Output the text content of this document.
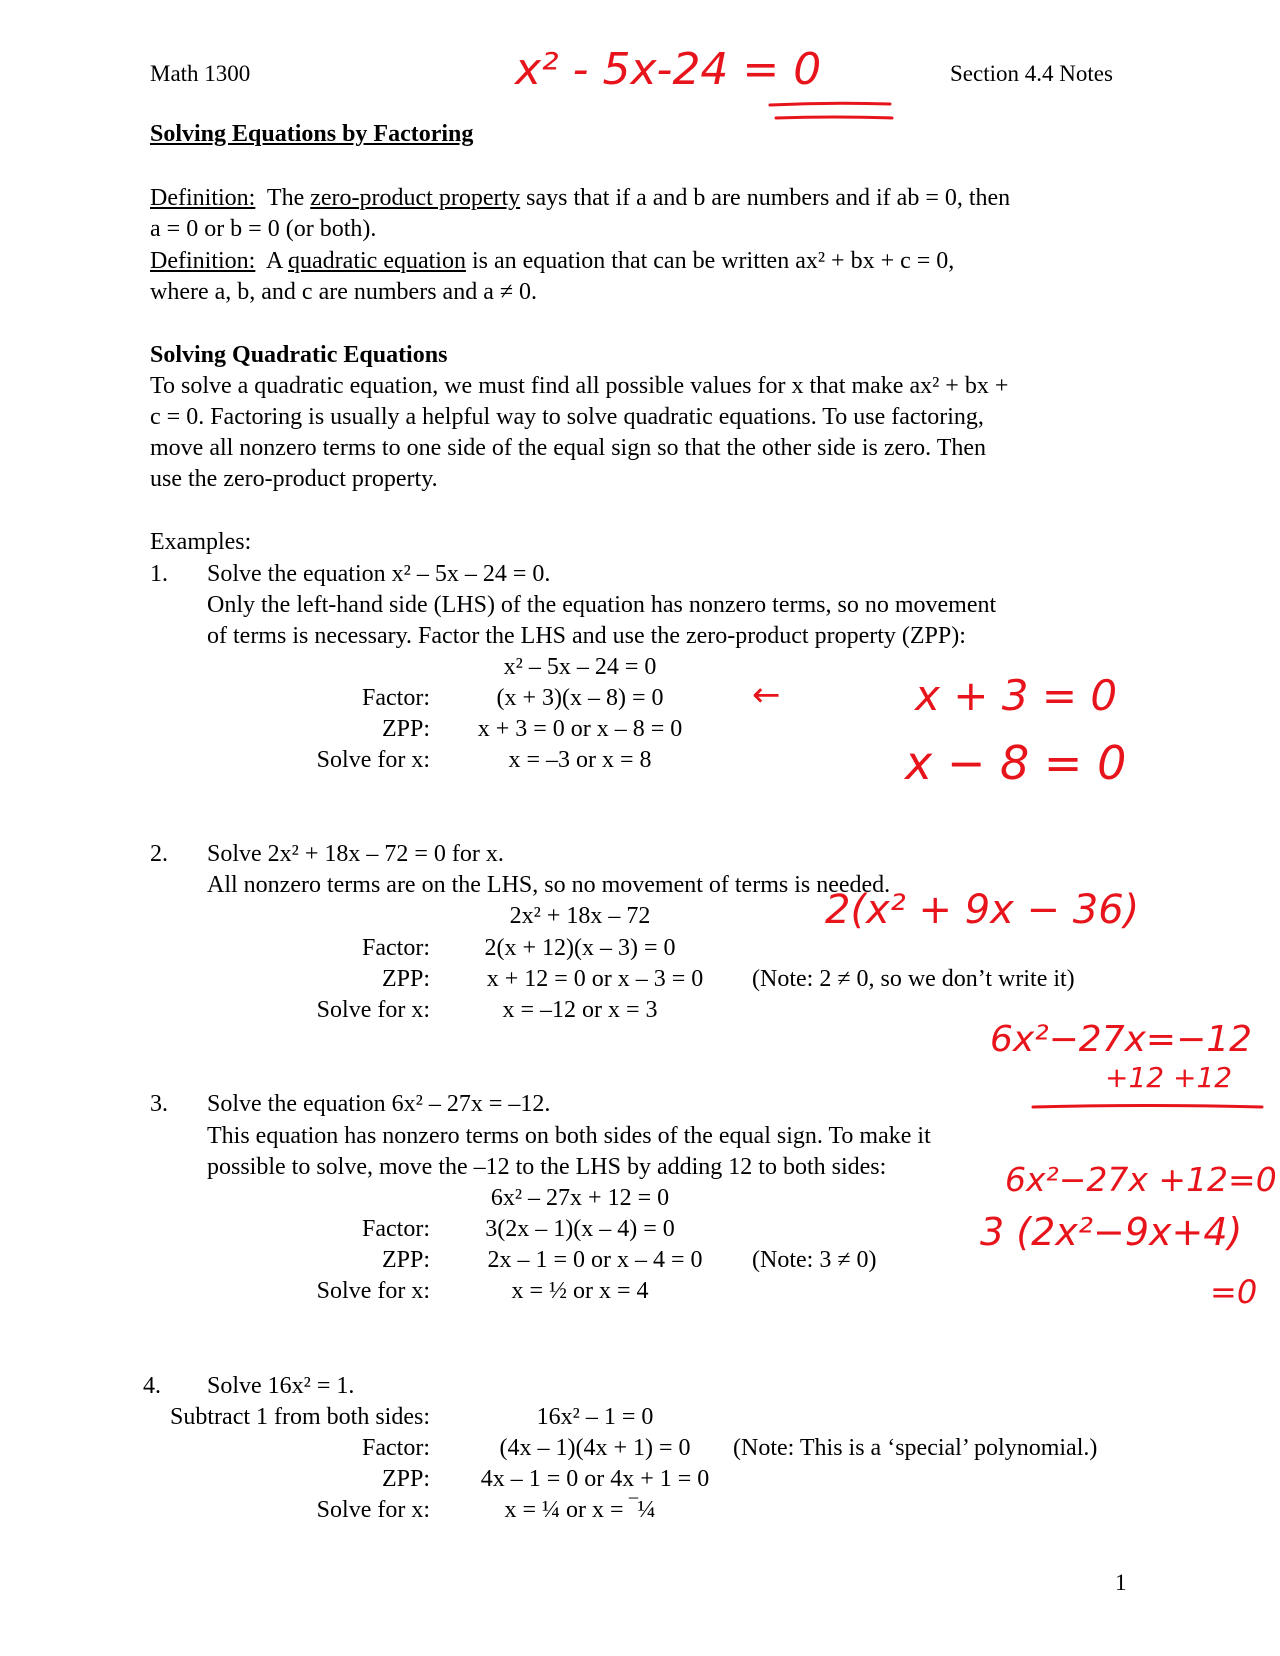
Math 1300	Section 4.4 Notes
Solving Equations by Factoring
Definition: The zero-product property says that if a and b are numbers and if ab = 0, then
a = 0 or b = 0 (or both).
Definition: A quadratic equation is an equation that can be written ax² + bx + c = 0,
where a, b, and c are numbers and a ≠ 0.
Solving Quadratic Equations
To solve a quadratic equation, we must find all possible values for x that make ax² + bx +
c = 0. Factoring is usually a helpful way to solve quadratic equations. To use factoring,
move all nonzero terms to one side of the equal sign so that the other side is zero. Then
use the zero-product property.
Examples:
1. Solve the equation x² – 5x – 24 = 0.
Only the left-hand side (LHS) of the equation has nonzero terms, so no movement
of terms is necessary. Factor the LHS and use the zero-product property (ZPP):
x² – 5x – 24 = 0
Factor:	(x + 3)(x – 8) = 0
ZPP:	x + 3 = 0 or x – 8 = 0
Solve for x:	x = –3 or x = 8
2. Solve 2x² + 18x – 72 = 0 for x.
All nonzero terms are on the LHS, so no movement of terms is needed.
2x² + 18x – 72
Factor:	2(x + 12)(x – 3) = 0
ZPP:	x + 12 = 0 or x – 3 = 0	(Note: 2 ≠ 0, so we don’t write it)
Solve for x:	x = –12 or x = 3
3. Solve the equation 6x² – 27x = –12.
This equation has nonzero terms on both sides of the equal sign. To make it
possible to solve, move the –12 to the LHS by adding 12 to both sides:
6x² – 27x + 12 = 0
Factor:	3(2x – 1)(x – 4) = 0
ZPP:	2x – 1 = 0 or x – 4 = 0	(Note: 3 ≠ 0)
Solve for x:	x = ½ or x = 4
4. Solve 16x² = 1.
Subtract 1 from both sides:	16x² – 1 = 0
Factor:	(4x – 1)(4x + 1) = 0	(Note: This is a ‘special’ polynomial.)
ZPP:	4x – 1 = 0 or 4x + 1 = 0
Solve for x:	x = ¼ or x = ‾¼
1
x² - 5x-24 = 0
←	x + 3 = 0
x − 8 = 0
2(x² + 9x − 36)
6x²−27x=−12
+12 +12
6x²−27x +12=0
3 (2x²−9x+4)
=0
